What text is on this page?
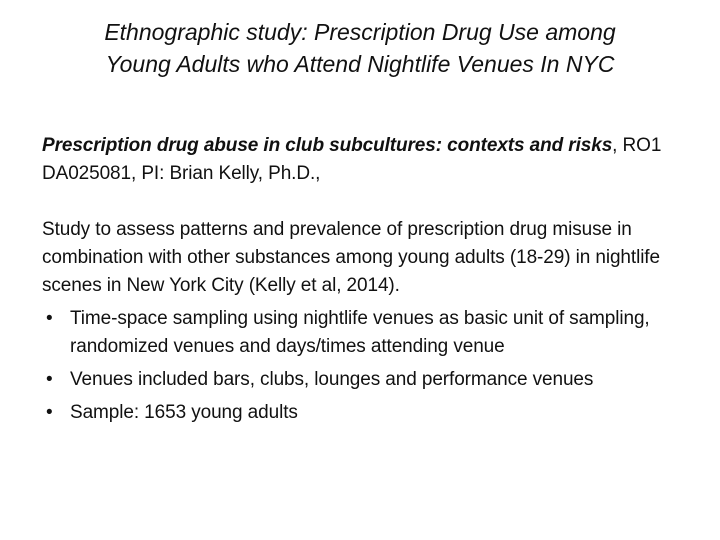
Ethnographic study: Prescription Drug Use among
Young Adults who Attend Nightlife Venues In NYC

Prescription drug abuse in club subcultures: contexts and risks, RO1 DA025081, PI: Brian Kelly, Ph.D.,

Study to assess patterns and prevalence of prescription drug misuse in combination with other substances among young adults (18-29) in nightlife scenes in New York City (Kelly et al, 2014).
• Time-space sampling using nightlife venues as basic unit of sampling, randomized venues and days/times attending venue
• Venues included bars, clubs, lounges and performance venues
• Sample: 1653 young adults
